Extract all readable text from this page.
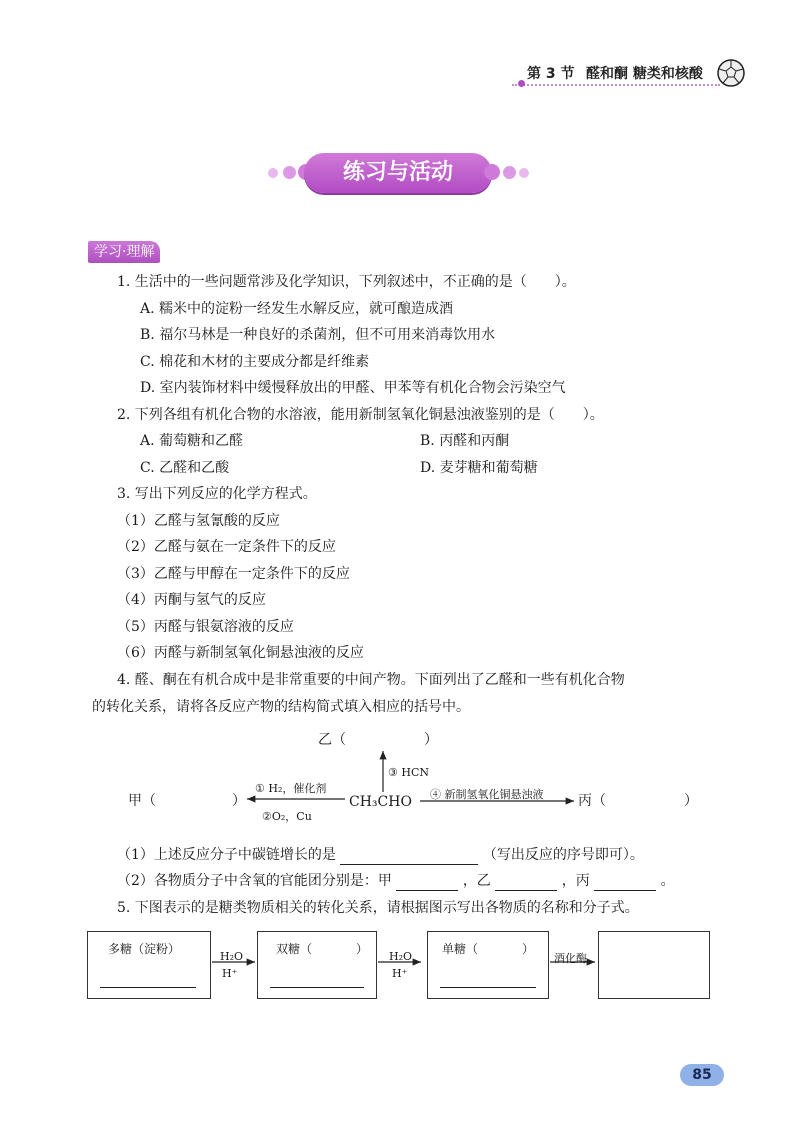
第 3 节 醛和酮 糖类和核酸
练习与活动
学习·理解
1. 生活中的一些问题常涉及化学知识，下列叙述中，不正确的是（　　）。
A. 糯米中的淀粉一经发生水解反应，就可酿造成酒
B. 福尔马林是一种良好的杀菌剂，但不可用来消毒饮用水
C. 棉花和木材的主要成分都是纤维素
D. 室内装饰材料中缓慢释放出的甲醛、甲苯等有机化合物会污染空气
2. 下列各组有机化合物的水溶液，能用新制氢氧化铜悬浊液鉴别的是（　　）。
A. 葡萄糖和乙醛	B. 丙醛和丙酮
C. 乙醛和乙酸	D. 麦芽糖和葡萄糖
3. 写出下列反应的化学方程式。
（1）乙醛与氢氰酸的反应
（2）乙醛与氨在一定条件下的反应
（3）乙醛与甲醇在一定条件下的反应
（4）丙酮与氢气的反应
（5）丙醛与银氨溶液的反应
（6）丙醛与新制氢氧化铜悬浊液的反应
4. 醛、酮在有机合成中是非常重要的中间产物。下面列出了乙醛和一些有机化合物
的转化关系，请将各反应产物的结构简式填入相应的括号中。
乙（	）
甲（	）	CH₃CHO	丙（	）
① H₂，催化剂
②O₂，Cu
③ HCN
④ 新制氢氧化铜悬浊液
（1）上述反应分子中碳链增长的是	（写出反应的序号即可）。
（2）各物质分子中含氧的官能团分别是：甲	，乙	，丙	。
5. 下图表示的是糖类物质相关的转化关系，请根据图示写出各物质的名称和分子式。
多糖（淀粉）	双糖（	）	单糖（	）
H₂O
H⁺
H₂O
H⁺
酒化酶
85
